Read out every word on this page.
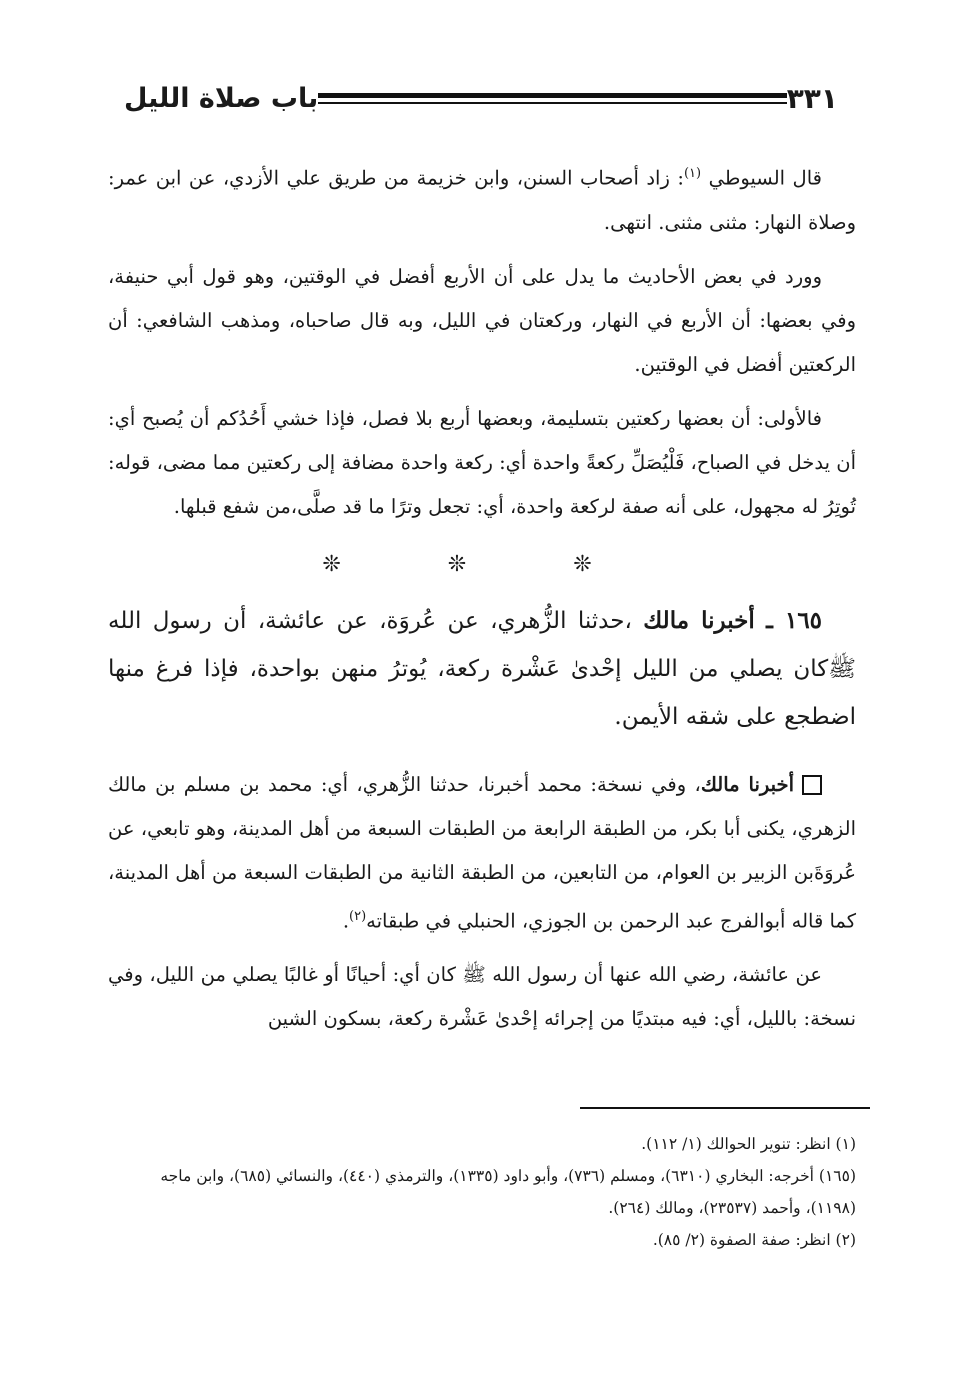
باب صلاة الليل	٣٣١

قال السيوطي $^{(١)}$: زاد أصحاب السنن، وابن خزيمة من طريق علي الأزدي، عن ابن عمر: وصلاة النهار: مثنى مثنى. انتهى.

وورد في بعض الأحاديث ما يدل على أن الأربع أفضل في الوقتين، وهو قول أبي حنيفة، وفي بعضها: أن الأربع في النهار، وركعتان في الليل، وبه قال صاحباه، ومذهب الشافعي: أن الركعتين أفضل في الوقتين.

فالأولى: أن بعضها ركعتين بتسليمة، وبعضها أربع بلا فصل، فإذا خشي أَحُدُكم أن يُصبح أي: أن يدخل في الصباح، فَلْيُصَلِّ ركعةً واحدة أي: ركعة واحدة مضافة إلى ركعتين مما مضى، قوله: تُوتِرُ له مجهول، على أنه صفة لركعة واحدة، أي: تجعل وترًا ما قد صلَّى،من شفع قبلها.

❊ ❊ ❊

١٦٥ ـ أخبرنا مالك ،حدثنا الزُّهري، عن عُروَة، عن عائشة، أن رسول الله ﷺكان يصلي من الليل إحْدىٰ عَشْرة ركعة، يُوترُ منهن بواحدة، فإذا فرغ منها اضطجع على شقه الأيمن.

أخبرنا مالك، وفي نسخة: محمد أخبرنا، حدثنا الزُّهري، أي: محمد بن مسلم بن مالك الزهري، يكنى أبا بكر، من الطبقة الرابعة من الطبقات السبعة من أهل المدينة، وهو تابعي، عن عُروَةَبن الزبير بن العوام، من التابعين، من الطبقة الثانية من الطبقات السبعة من أهل المدينة، كما قاله أبوالفرج عبد الرحمن بن الجوزي، الحنبلي في طبقاته$^{(٢)}$.

عن عائشة، رضي الله عنها أن رسول الله ﷺ كان أي: أحيانًا أو غالبًا يصلي من الليل، وفي نسخة: بالليل، أي: فيه مبتديًا من إجرائه إحْدىٰ عَشْرة ركعة، بسكون الشين

(١) انظر: تنوير الحوالك (١/ ١١٢).

(١٦٥) أخرجه: البخاري (٦٣١٠)، ومسلم (٧٣٦)، وأبو داود (١٣٣٥)، والترمذي (٤٤٠)، والنسائي (٦٨٥)، وابن ماجه (١١٩٨)، وأحمد (٢٣٥٣٧)، ومالك (٢٦٤).

(٢) انظر: صفة الصفوة (٢/ ٨٥).
